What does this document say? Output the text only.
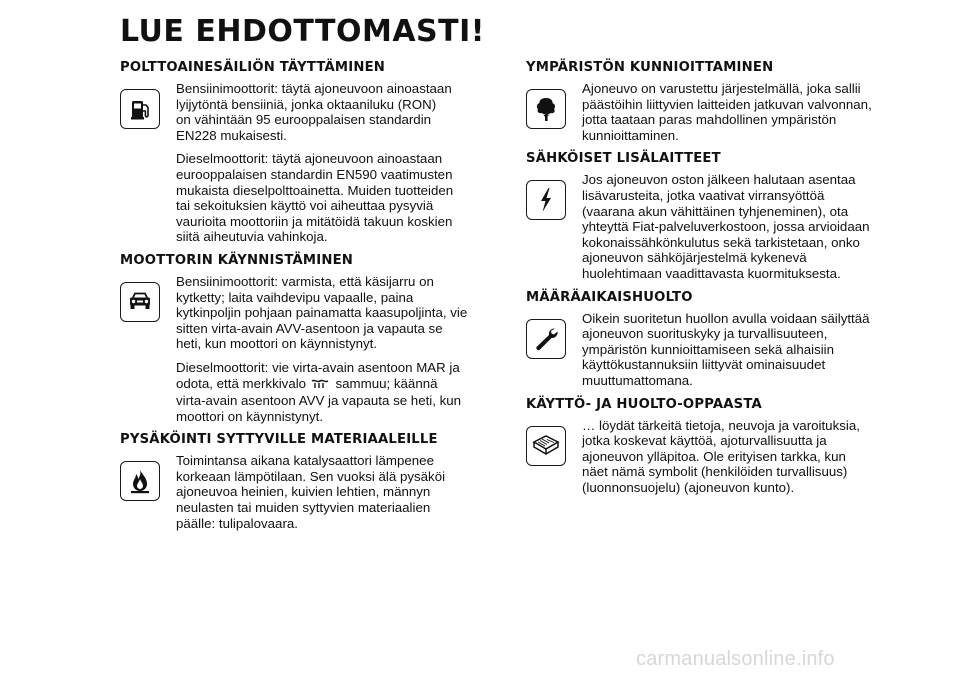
LUE EHDOTTOMASTI!
POLTTOAINESÄILIÖN TÄYTTÄMINEN
Bensiinimoottorit: täytä ajoneuvoon ainoastaan
lyijytöntä bensiiniä, jonka oktaaniluku (RON)
on vähintään 95 eurooppalaisen standardin
EN228 mukaisesti.
Dieselmoottorit: täytä ajoneuvoon ainoastaan
eurooppalaisen standardin EN590 vaatimusten
mukaista dieselpolttoainetta. Muiden tuotteiden
tai sekoituksien käyttö voi aiheuttaa pysyviä
vaurioita moottoriin ja mitätöidä takuun koskien
siitä aiheutuvia vahinkoja.
MOOTTORIN KÄYNNISTÄMINEN
Bensiinimoottorit: varmista, että käsijarru on
kytketty; laita vaihdevipu vapaalle, paina
kytkinpoljin pohjaan painamatta kaasupoljinta, vie
sitten virta-avain AVV-asentoon ja vapauta se
heti, kun moottori on käynnistynyt.
Dieselmoottorit: vie virta-avain asentoon MAR ja
odota, että merkkivalo sammuu; käännä
virta-avain asentoon AVV ja vapauta se heti, kun
moottori on käynnistynyt.
PYSÄKÖINTI SYTTYVILLE MATERIAALEILLE
Toimintansa aikana katalysaattori lämpenee
korkeaan lämpötilaan. Sen vuoksi älä pysäköi
ajoneuvoa heinien, kuivien lehtien, männyn
neulasten tai muiden syttyvien materiaalien
päälle: tulipalovaara.
YMPÄRISTÖN KUNNIOITTAMINEN
Ajoneuvo on varustettu järjestelmällä, joka sallii
päästöihin liittyvien laitteiden jatkuvan valvonnan,
jotta taataan paras mahdollinen ympäristön
kunnioittaminen.
SÄHKÖISET LISÄLAITTEET
Jos ajoneuvon oston jälkeen halutaan asentaa
lisävarusteita, jotka vaativat virransyöttöä
(vaarana akun vähittäinen tyhjeneminen), ota
yhteyttä Fiat-palveluverkostoon, jossa arvioidaan
kokonaissähkönkulutus sekä tarkistetaan, onko
ajoneuvon sähköjärjestelmä kykenevä
huolehtimaan vaadittavasta kuormituksesta.
MÄÄRÄAIKAISHUOLTO
Oikein suoritetun huollon avulla voidaan säilyttää
ajoneuvon suorituskyky ja turvallisuuteen,
ympäristön kunnioittamiseen sekä alhaisiin
käyttökustannuksiin liittyvät ominaisuudet
muuttumattomana.
KÄYTTÖ- JA HUOLTO-OPPAASTA
… löydät tärkeitä tietoja, neuvoja ja varoituksia,
jotka koskevat käyttöä, ajoturvallisuutta ja
ajoneuvon ylläpitoa. Ole erityisen tarkka, kun
näet nämä symbolit (henkilöiden turvallisuus)
(luonnonsuojelu) (ajoneuvon kunto).
carmanualsonline.info
